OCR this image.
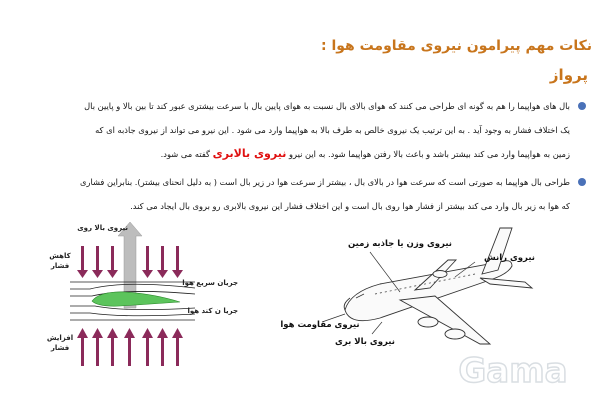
نکات مهم پیرامون نیروی مقاومت هوا :
پرواز
بال های هواپیما را هم به گونه ای طراحی می کنند که هوای بالای بال نسبت به هوای پایین بال با سرعت بیشتری عبور کند تا بین بالا و پایین بال
یک اختلاف فشار به وجود آید . به این ترتیب یک نیروی خالص به طرف بالا به هواپیما وارد می شود . این نیرو می تواند از نیروی جاذبه ای که
زمین به هواپیما وارد می کند بیشتر باشد و باعث بالا رفتن هواپیما شود. به این نیرو نیروی بالابری گفته می شود.
طراحی بال هواپیما به صورتی است که سرعت هوا در بالای بال ، بیشتر از سرعت هوا در زیر بال است ( به دلیل انحنای بیشتر). بنابراین فشاری
که هوا به زیر بال وارد می کند بیشتر از فشار هوا روی بال است و این اختلاف فشار این نیروی بالابری رو بروی بال ایجاد می کند.
نیروی بالا روی
کاهش
فشار
جریان سریع هوا
جریا ن کند هوا
افزایش
فشار
نیروی وزن یا جاذبه زمین
نیروی رانش
نیروی مقاومت هوا
نیروی بالا بری
Gama
